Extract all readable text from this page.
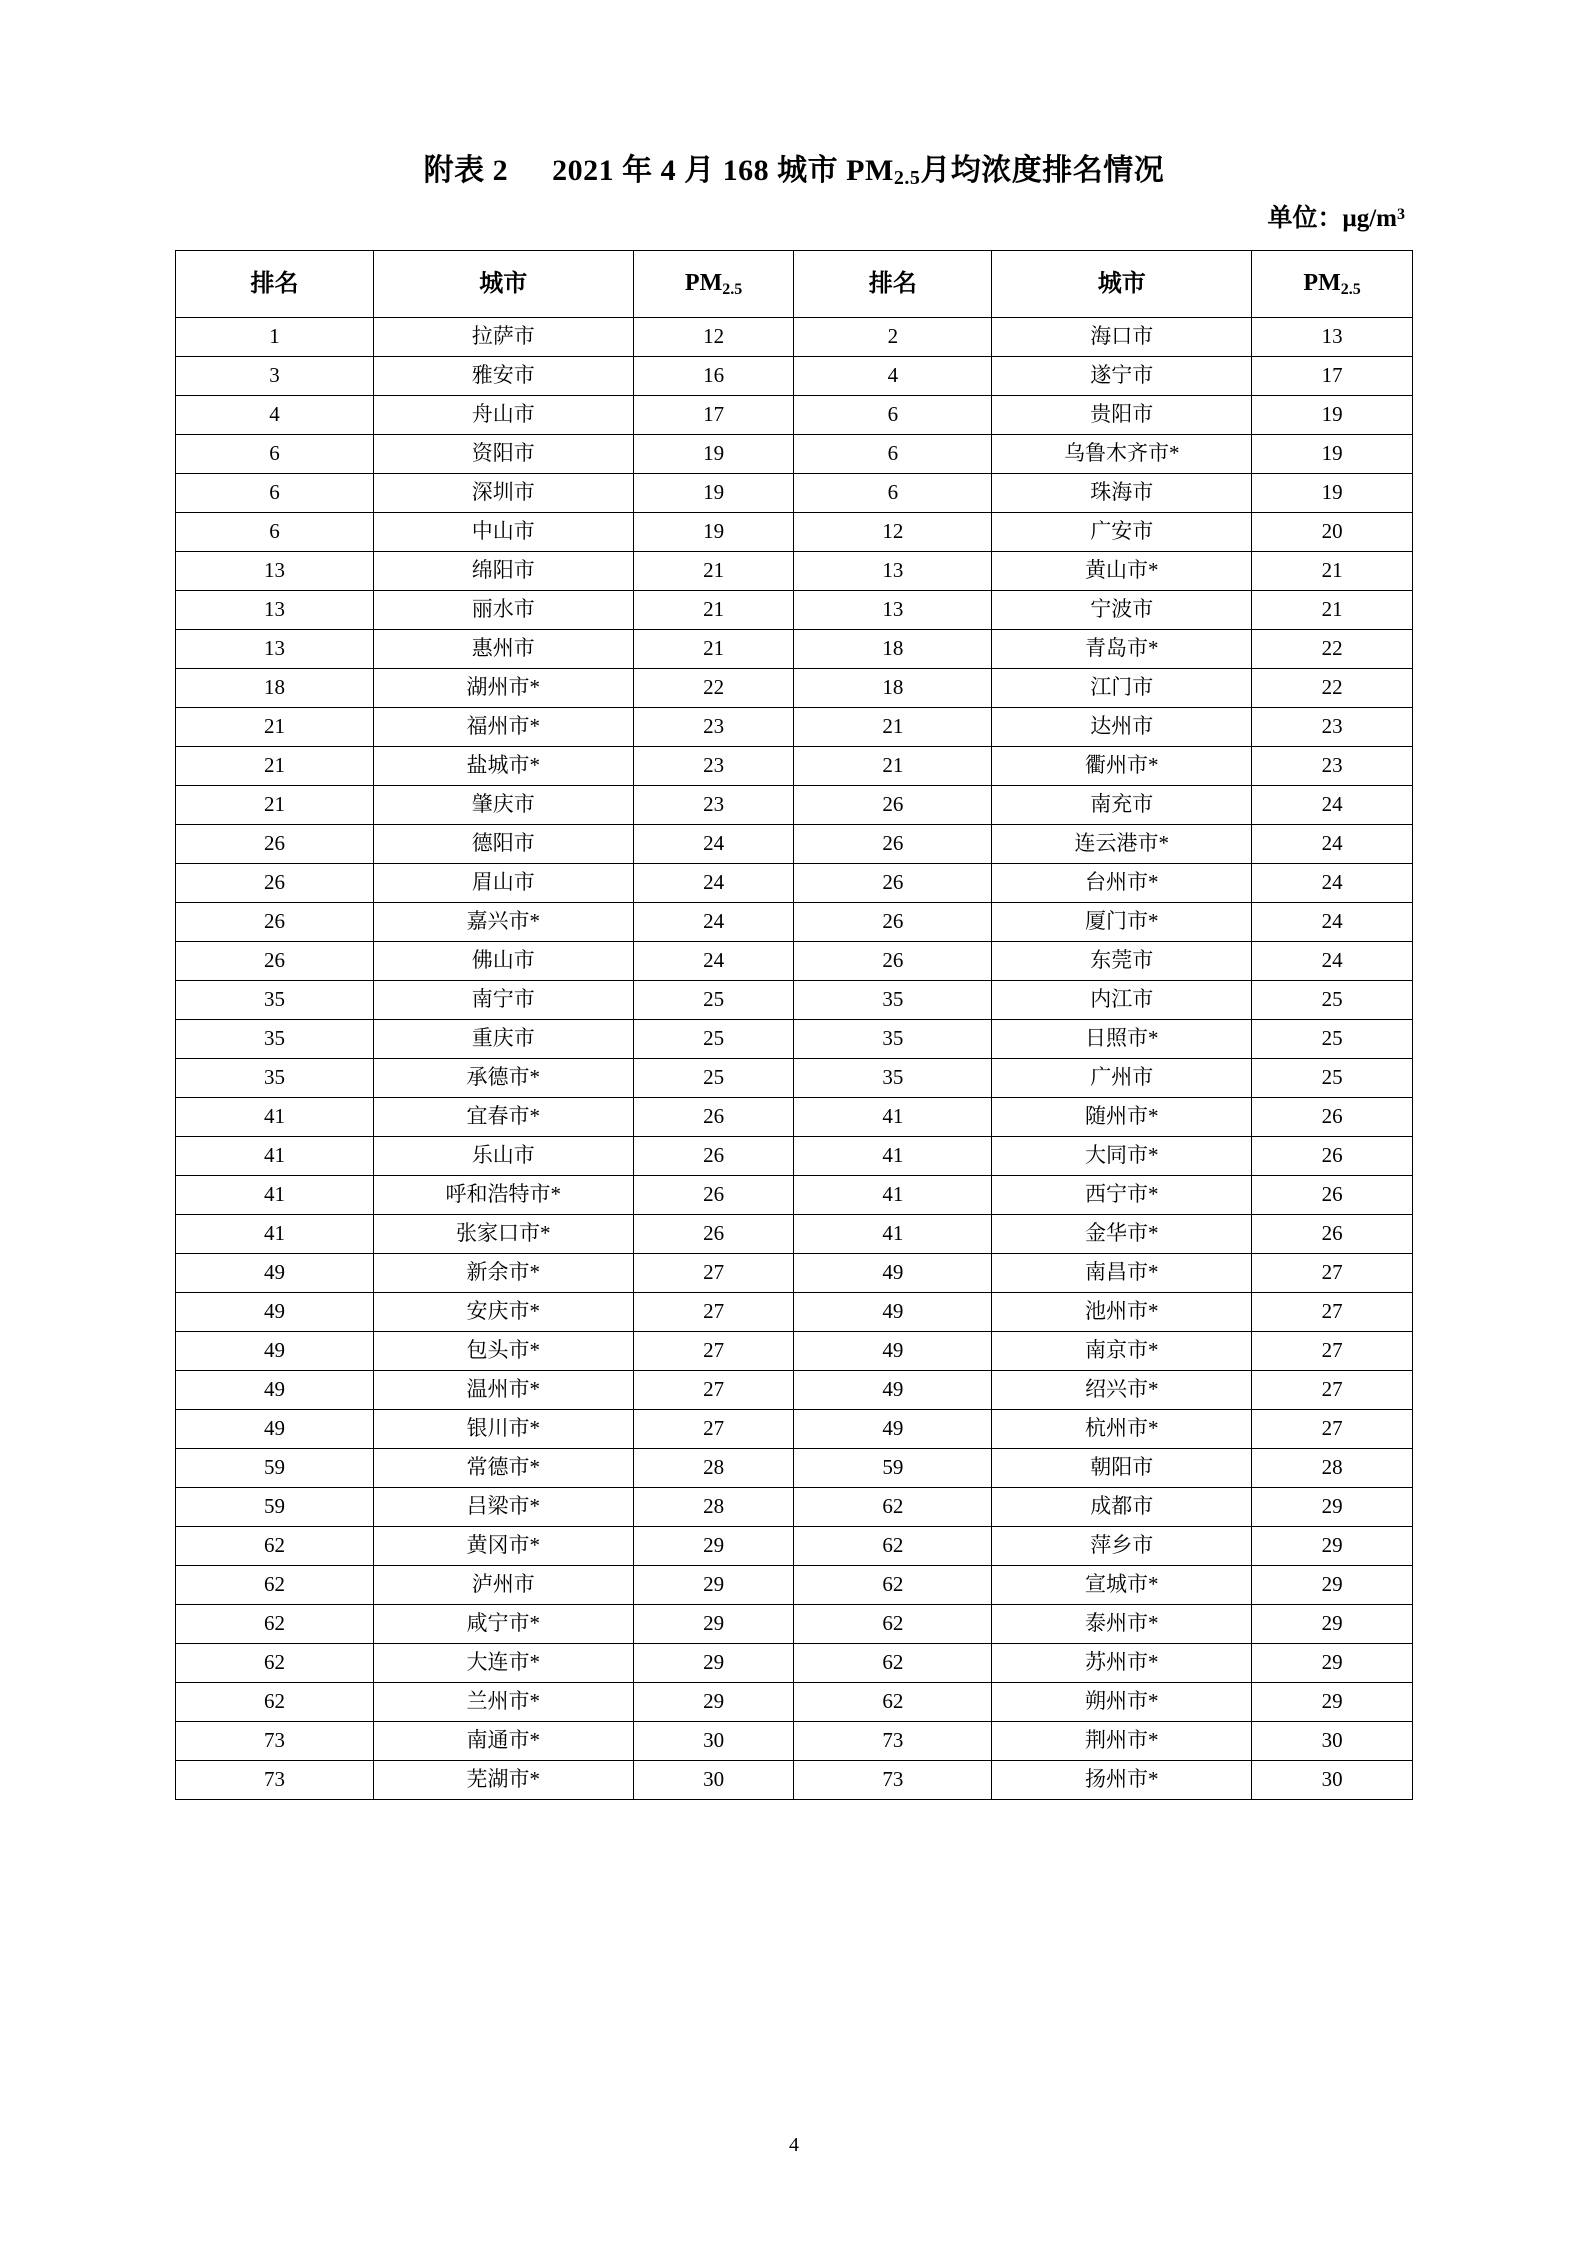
附表 2 2021 年 4 月 168 城市 $PM_{2.5}$月均浓度排名情况
单位：$\mu g/m^3$
排名	城市	$PM_{2.5}$	排名	城市	$PM_{2.5}$
1	拉萨市	12	2	海口市	13
3	雅安市	16	4	遂宁市	17
4	舟山市	17	6	贵阳市	19
6	资阳市	19	6	乌鲁木齐市*	19
6	深圳市	19	6	珠海市	19
6	中山市	19	12	广安市	20
13	绵阳市	21	13	黄山市*	21
13	丽水市	21	13	宁波市	21
13	惠州市	21	18	青岛市*	22
18	湖州市*	22	18	江门市	22
21	福州市*	23	21	达州市	23
21	盐城市*	23	21	衢州市*	23
21	肇庆市	23	26	南充市	24
26	德阳市	24	26	连云港市*	24
26	眉山市	24	26	台州市*	24
26	嘉兴市*	24	26	厦门市*	24
26	佛山市	24	26	东莞市	24
35	南宁市	25	35	内江市	25
35	重庆市	25	35	日照市*	25
35	承德市*	25	35	广州市	25
41	宜春市*	26	41	随州市*	26
41	乐山市	26	41	大同市*	26
41	呼和浩特市*	26	41	西宁市*	26
41	张家口市*	26	41	金华市*	26
49	新余市*	27	49	南昌市*	27
49	安庆市*	27	49	池州市*	27
49	包头市*	27	49	南京市*	27
49	温州市*	27	49	绍兴市*	27
49	银川市*	27	49	杭州市*	27
59	常德市*	28	59	朝阳市	28
59	吕梁市*	28	62	成都市	29
62	黄冈市*	29	62	萍乡市	29
62	泸州市	29	62	宣城市*	29
62	咸宁市*	29	62	泰州市*	29
62	大连市*	29	62	苏州市*	29
62	兰州市*	29	62	朔州市*	29
73	南通市*	30	73	荆州市*	30
73	芜湖市*	30	73	扬州市*	30
4
